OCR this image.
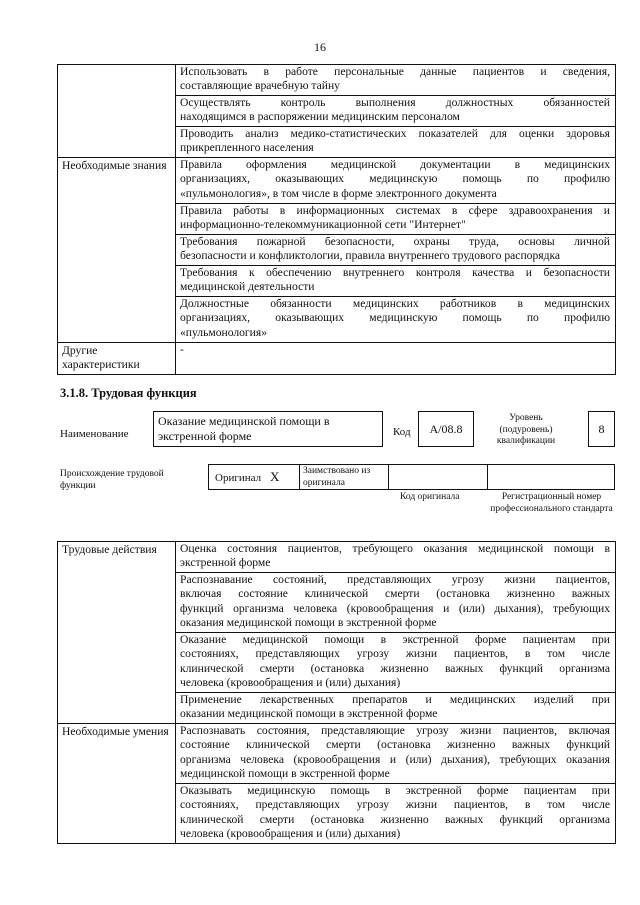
16

	Использовать в работе персональные данные пациентов и сведения,
составляющие врачебную тайну

	Осуществлять контроль выполнения должностных обязанностей
находящимся в распоряжении медицинским персоналом

	Проводить анализ медико-статистических показателей для оценки здоровья
прикрепленного населения

Необходимые знания	Правила оформления медицинской документации в медицинских
организациях, оказывающих медицинскую помощь по профилю
«пульмонология», в том числе в форме электронного документа

	Правила работы в информационных системах в сфере здравоохранения и
информационно-телекоммуникационной сети "Интернет"

	Требования пожарной безопасности, охраны труда, основы личной
безопасности и конфликтологии, правила внутреннего трудового распорядка

	Требования к обеспечению внутреннего контроля качества и безопасности
медицинской деятельности

	Должностные обязанности медицинских работников в медицинских
организациях, оказывающих медицинскую помощь по профилю
«пульмонология»

Другие характеристики	-
3.1.8. Трудовая функция
Наименование
Оказание медицинской помощи в экстренной форме	Код	А/08.8
Уровень (подуровень) квалификации
8
Происхождение трудовой функции
Оригинал X Заимствовано из оригинала
Код оригинала	Регистрационный номер профессионального стандарта
Трудовые действия	Оценка состояния пациентов, требующего оказания медицинской помощи в
экстренной форме

	Распознавание состояний, представляющих угрозу жизни пациентов,
включая состояние клинической смерти (остановка жизненно важных
функций организма человека (кровообращения и (или) дыхания), требующих
оказания медицинской помощи в экстренной форме

	Оказание медицинской помощи в экстренной форме пациентам при
состояниях, представляющих угрозу жизни пациентов, в том числе
клинической смерти (остановка жизненно важных функций организма
человека (кровообращения и (или) дыхания)

	Применение лекарственных препаратов и медицинских изделий при
оказании медицинской помощи в экстренной форме

Необходимые умения	Распознавать состояния, представляющие угрозу жизни пациентов, включая
состояние клинической смерти (остановка жизненно важных функций
организма человека (кровообращения и (или) дыхания), требующих оказания
медицинской помощи в экстренной форме

	Оказывать медицинскую помощь в экстренной форме пациентам при
состояниях, представляющих угрозу жизни пациентов, в том числе
клинической смерти (остановка жизненно важных функций организма
человека (кровообращения и (или) дыхания)
